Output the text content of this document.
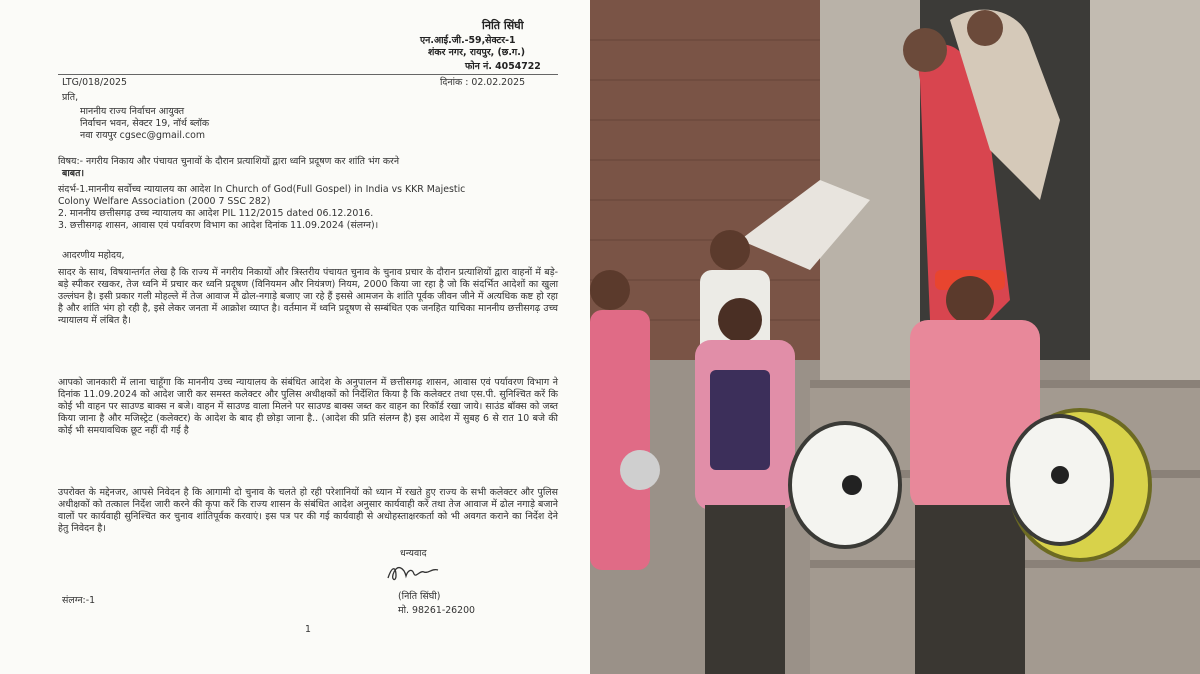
निति सिंघी
एन.आई.जी.-59,सेक्टर-1
शंकर नगर, रायपुर, (छ.ग.)
फोन नं. 4054722
LTG/018/2025	दिनांक : 02.02.2025
प्रति,
माननीय राज्य निर्वाचन आयुक्त
निर्वाचन भवन, सेक्टर 19, नॉर्थ ब्लॉक
नवा रायपुर cgsec@gmail.com
विषय:- नगरीय निकाय और पंचायत चुनावों के दौरान प्रत्याशियों द्वारा ध्वनि प्रदूषण कर शांति भंग करने
बाबत।
संदर्भ-1.माननीय सर्वोच्च न्यायालय का आदेश In Church of God(Full Gospel) in India vs KKR Majestic
Colony Welfare Association (2000 7 SSC 282)
2. माननीय छत्तीसगढ़ उच्च न्यायालय का आदेश PIL 112/2015 dated 06.12.2016.
3. छत्तीसगढ़ शासन, आवास एवं पर्यावरण विभाग का आदेश दिनांक 11.09.2024 (संलग्न)।
आदरणीय महोदय,
सादर के साथ, विषयान्तर्गत लेख है कि राज्य में नगरीय निकायों और त्रिस्तरीय पंचायत चुनाव के चुनाव प्रचार के दौरान प्रत्याशियों द्वारा वाहनों में बड़े-बड़े स्पीकर रखकर, तेज ध्वनि में प्रचार कर ध्वनि प्रदूषण (विनियमन और नियंत्रण) नियम, 2000 किया जा रहा है जो कि संदर्भित आदेशों का खुला उल्लंघन है। इसी प्रकार गली मोहल्ले में तेज आवाज में ढोल-नगाड़े बजाए जा रहे हैं इससे आमजन के शांति पूर्वक जीवन जीने में अत्यधिक कष्ट हो रहा है और शांति भंग हो रही है, इसे लेकर जनता में आक्रोश व्याप्त है। वर्तमान में ध्वनि प्रदूषण से सम्बंधित एक जनहित याचिका माननीय छत्तीसगढ़ उच्च न्यायालय में लंबित है।
आपको जानकारी में लाना चाहूँगा कि माननीय उच्च न्यायालय के संबंधित आदेश के अनुपालन में छत्तीसगढ़ शासन, आवास एवं पर्यावरण विभाग ने दिनांक 11.09.2024 को आदेश जारी कर समस्त कलेक्टर और पुलिस अधीक्षकों को निर्देशित किया है कि कलेक्टर तथा एस.पी. सुनिश्चित करें कि कोई भी वाहन पर साउण्ड बाक्स न बजे। वाहन में साउण्ड वाला मिलने पर साउण्ड बाक्स जब्त कर वाहन का रिकॉर्ड रखा जाये। साउंड बॉक्स को जब्त किया जाना है और मजिस्ट्रेट (कलेक्टर) के आदेश के बाद ही छोड़ा जाना है.. (आदेश की प्रति संलग्न है) इस आदेश में सुबह 6 से रात 10 बजे की कोई भी समयावधिक छूट नहीं दी गई है
उपरोक्त के मद्देनजर, आपसे निवेदन है कि आगामी दो चुनाव के चलते हो रही परेशानियों को ध्यान में रखते हुए राज्य के सभी कलेक्टर और पुलिस अधीक्षकों को तत्काल निर्देश जारी करने की कृपा करें कि राज्य शासन के संबंधित आदेश अनुसार कार्यवाही करें तथा तेज आवाज में ढोल नगाड़े बजाने वालों पर कार्यवाही सुनिश्चित कर चुनाव शांतिपूर्वक करवाएं। इस पत्र पर की गई कार्यवाही से अधोहस्ताक्षरकर्ता को भी अवगत कराने का निर्देश देने हेतु निवेदन है।
धन्यवाद
संलग्न:-1	(निति सिंघी)
मो. 98261-26200
1
